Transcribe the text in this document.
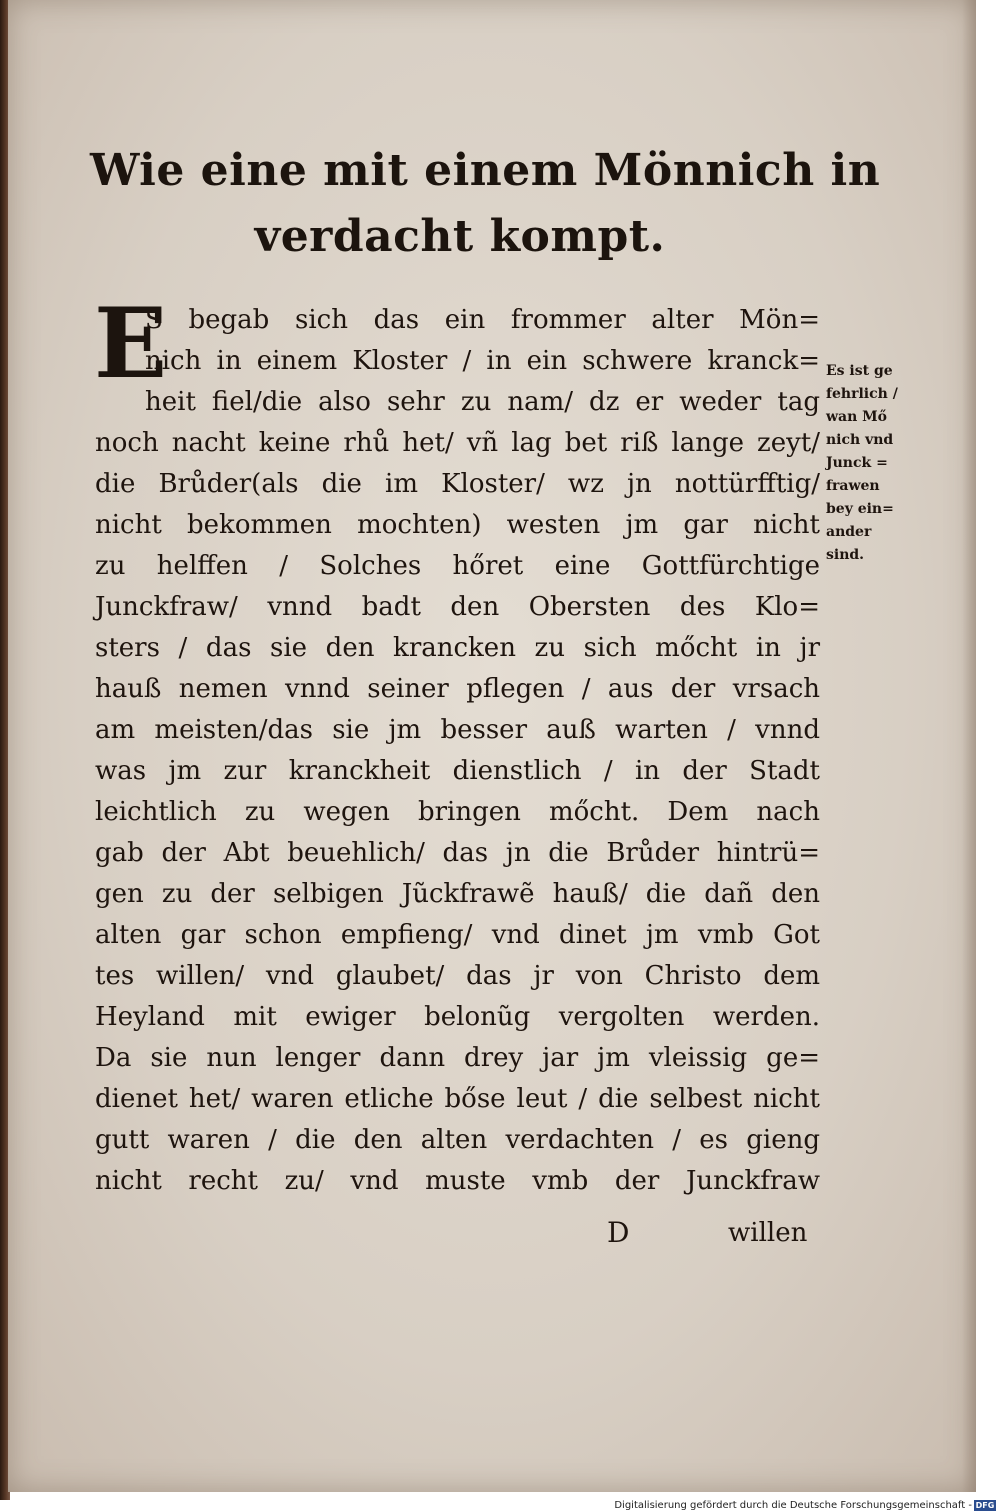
Wie eine mit einem Mönnich in
verdacht kompt.
E
S begab sich das ein frommer alter Mön=
nich in einem Kloster / in ein schwere kranck=
heit fiel/die also sehr zu nam/ dz er weder tag
noch nacht keine rhů het/ vñ lag bet riß lange zeyt/
die Brůder(als die im Kloster/ wz jn nottürfftig/
nicht bekommen mochten) westen jm gar nicht
zu helffen / Solches hőret eine Gottfürchtige
Junckfraw/ vnnd badt den Obersten des Klo=
sters / das sie den krancken zu sich mőcht in jr
hauß nemen vnnd seiner pflegen / aus der vrsach
am meisten/das sie jm besser auß warten / vnnd
was jm zur kranckheit dienstlich / in der Stadt
leichtlich zu wegen bringen mőcht. Dem nach
gab der Abt beuehlich/ das jn die Brůder hintrü=
gen zu der selbigen Jũckfrawẽ hauß/ die dañ den
alten gar schon empfieng/ vnd dinet jm vmb Got
tes willen/ vnd glaubet/ das jr von Christo dem
Heyland mit ewiger belonũg vergolten werden.
Da sie nun lenger dann drey jar jm vleissig ge=
dienet het/ waren etliche bőse leut / die selbest nicht
gutt waren / die den alten verdachten / es gieng
nicht recht zu/ vnd muste vmb der Junckfraw
D	willen
Es ist ge
fehrlich /
wan Mő
nich vnd
Junck =
frawen
bey ein=
ander
sind.
Digitalisierung gefördert durch die Deutsche Forschungsgemeinschaft - DFG
